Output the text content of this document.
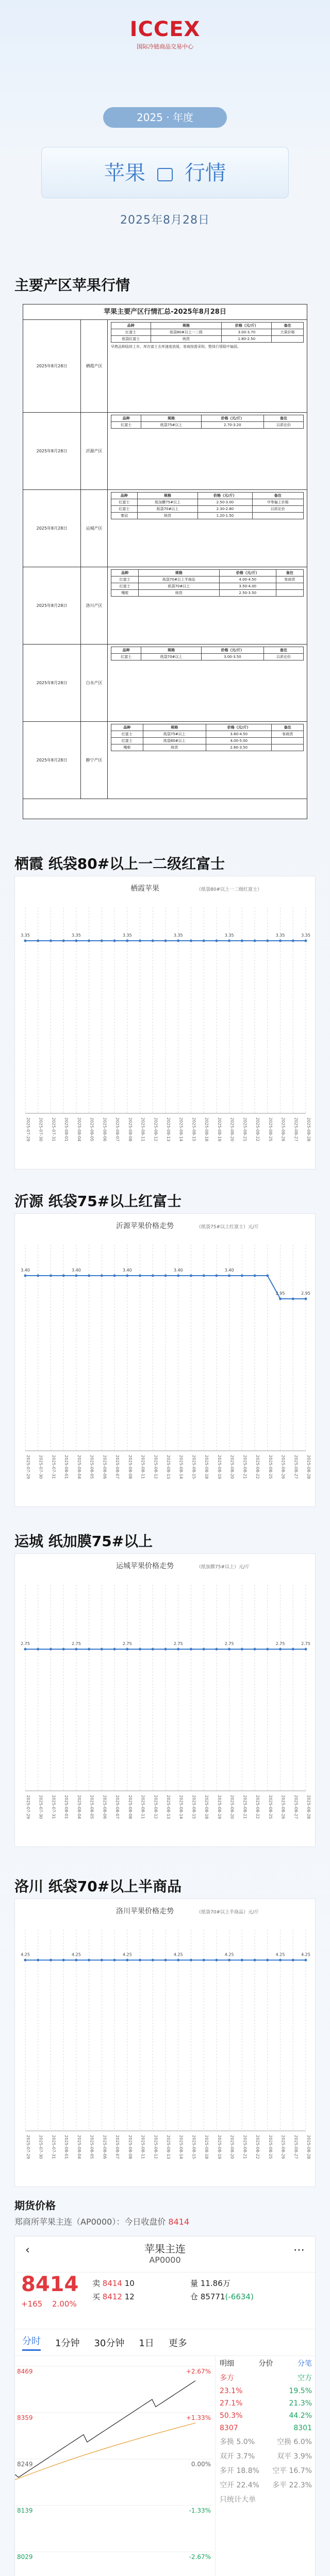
ICCEX
国际冷链商品交易中心
2025 · 年度
苹果 行情
2025年8月28日
主要产区苹果行情
苹果主要产区行情汇总-2025年8月28日
2025年8月28日	栖霞产区
品种	规格	价格（元/斤）	备注
红富士	纸袋80#以上一二级	3.00-3.70	大果价格
纸袋红富士	统货	1.80-2.50	
早熟品种陆续上市，库存富士去库速度放缓，客商按需采购，整体行情稳中偏弱。
2025年8月28日	沂源产区
品种	规格	价格（元/斤）	备注
红富士	纸袋75#以上	2.70-3.20	以质论价
2025年8月28日	运城产区
品种	规格	价格（元/斤）	备注
红富士	纸加膜75#以上	2.50-3.00	中等偏上价格
红富士	纸袋70#以上	2.30-2.80	以质论价
秦冠	统货	1.20-1.50	
2025年8月28日	洛川产区
品种	规格	价格（元/斤）	备注
红富士	纸袋70#以上半商品	4.00-4.50	客商货
红富士	纸袋70#以上	3.50-4.00	
嘎啦	统货	2.50-3.50	
2025年8月28日	白水产区
品种	规格	价格（元/斤）	备注
红富士	纸袋70#以上	3.00-3.50	以质论价
2025年8月28日	静宁产区
品种	规格	价格（元/斤）	备注
红富士	纸袋75#以上	3.80-4.50	客商货
红富士	纸袋80#以上	4.00-5.00	
嘎啦	统货	2.80-3.50	
栖霞 纸袋80#以上一二级红富士
栖霞苹果	（纸袋80#以上一二级红富士）
3.35
2025-07-29 2025-07-30 2025-07-31 2025-08-01
3.35
2025-08-04 2025-08-05 2025-08-06 2025-08-07
3.35
2025-08-08 2025-08-11 2025-08-12 2025-08-13
3.35
2025-08-14 2025-08-15 2025-08-18 2025-08-19
3.35
2025-08-20 2025-08-21 2025-08-22 2025-08-25
3.35
2025-08-26 2025-08-27
3.35
2025-08-28
沂源 纸袋75#以上红富士
沂源苹果价格走势	（纸袋75#以上红富士）元/斤
3.40
2025-07-29 2025-07-30 2025-07-31 2025-08-01
3.40
2025-08-04 2025-08-05 2025-08-06 2025-08-07
3.40
2025-08-08 2025-08-11 2025-08-12 2025-08-13
3.40
2025-08-14 2025-08-15 2025-08-18 2025-08-19
3.40
2025-08-20 2025-08-21 2025-08-22 2025-08-25
2.95
2025-08-26 2025-08-27
2.95
2025-08-28
运城 纸加膜75#以上
运城苹果价格走势	（纸加膜75#以上）元/斤
2.75
2025-07-29 2025-07-30 2025-07-31 2025-08-01
2.75
2025-08-04 2025-08-05 2025-08-06 2025-08-07
2.75
2025-08-08 2025-08-11 2025-08-12 2025-08-13
2.75
2025-08-14 2025-08-15 2025-08-18 2025-08-19
2.75
2025-08-20 2025-08-21 2025-08-22 2025-08-25
2.75
2025-08-26 2025-08-27
2.75
2025-08-28
洛川 纸袋70#以上半商品
洛川苹果价格走势	（纸袋70#以上半商品）元/斤
4.25
2025-07-29 2025-07-30 2025-07-31 2025-08-01
4.25
2025-08-04 2025-08-05 2025-08-06 2025-08-07
4.25
2025-08-08 2025-08-11 2025-08-12 2025-08-13
4.25
2025-08-14 2025-08-15 2025-08-18 2025-08-19
4.25
2025-08-20 2025-08-21 2025-08-22 2025-08-25
4.25
2025-08-26 2025-08-27
4.25
2025-08-28
期货价格
郑商所苹果主连（AP0000）：今日收盘价 8414
‹	苹果主连
AP0000
⋯
8414
+165 2.00%
卖 8414 10
买 8412 12
量 11.86万
仓 85771(-6634)
分时 1分钟 30分钟 1日 更多
8469	+2.67%
8359	+1.33%
8249	0.00%
8139	-1.33%
8029	-2.67%
明细	分价	分笔
多方	空方
23.1%	19.5%
27.1%	21.3%
50.3%	44.2%
8307	8301
多换 5.0%	空换 6.0%
双开 3.7%	双平 3.9%
多开 18.8% 空平 16.7%
空开 22.4% 多平 22.3%
只统计大单
